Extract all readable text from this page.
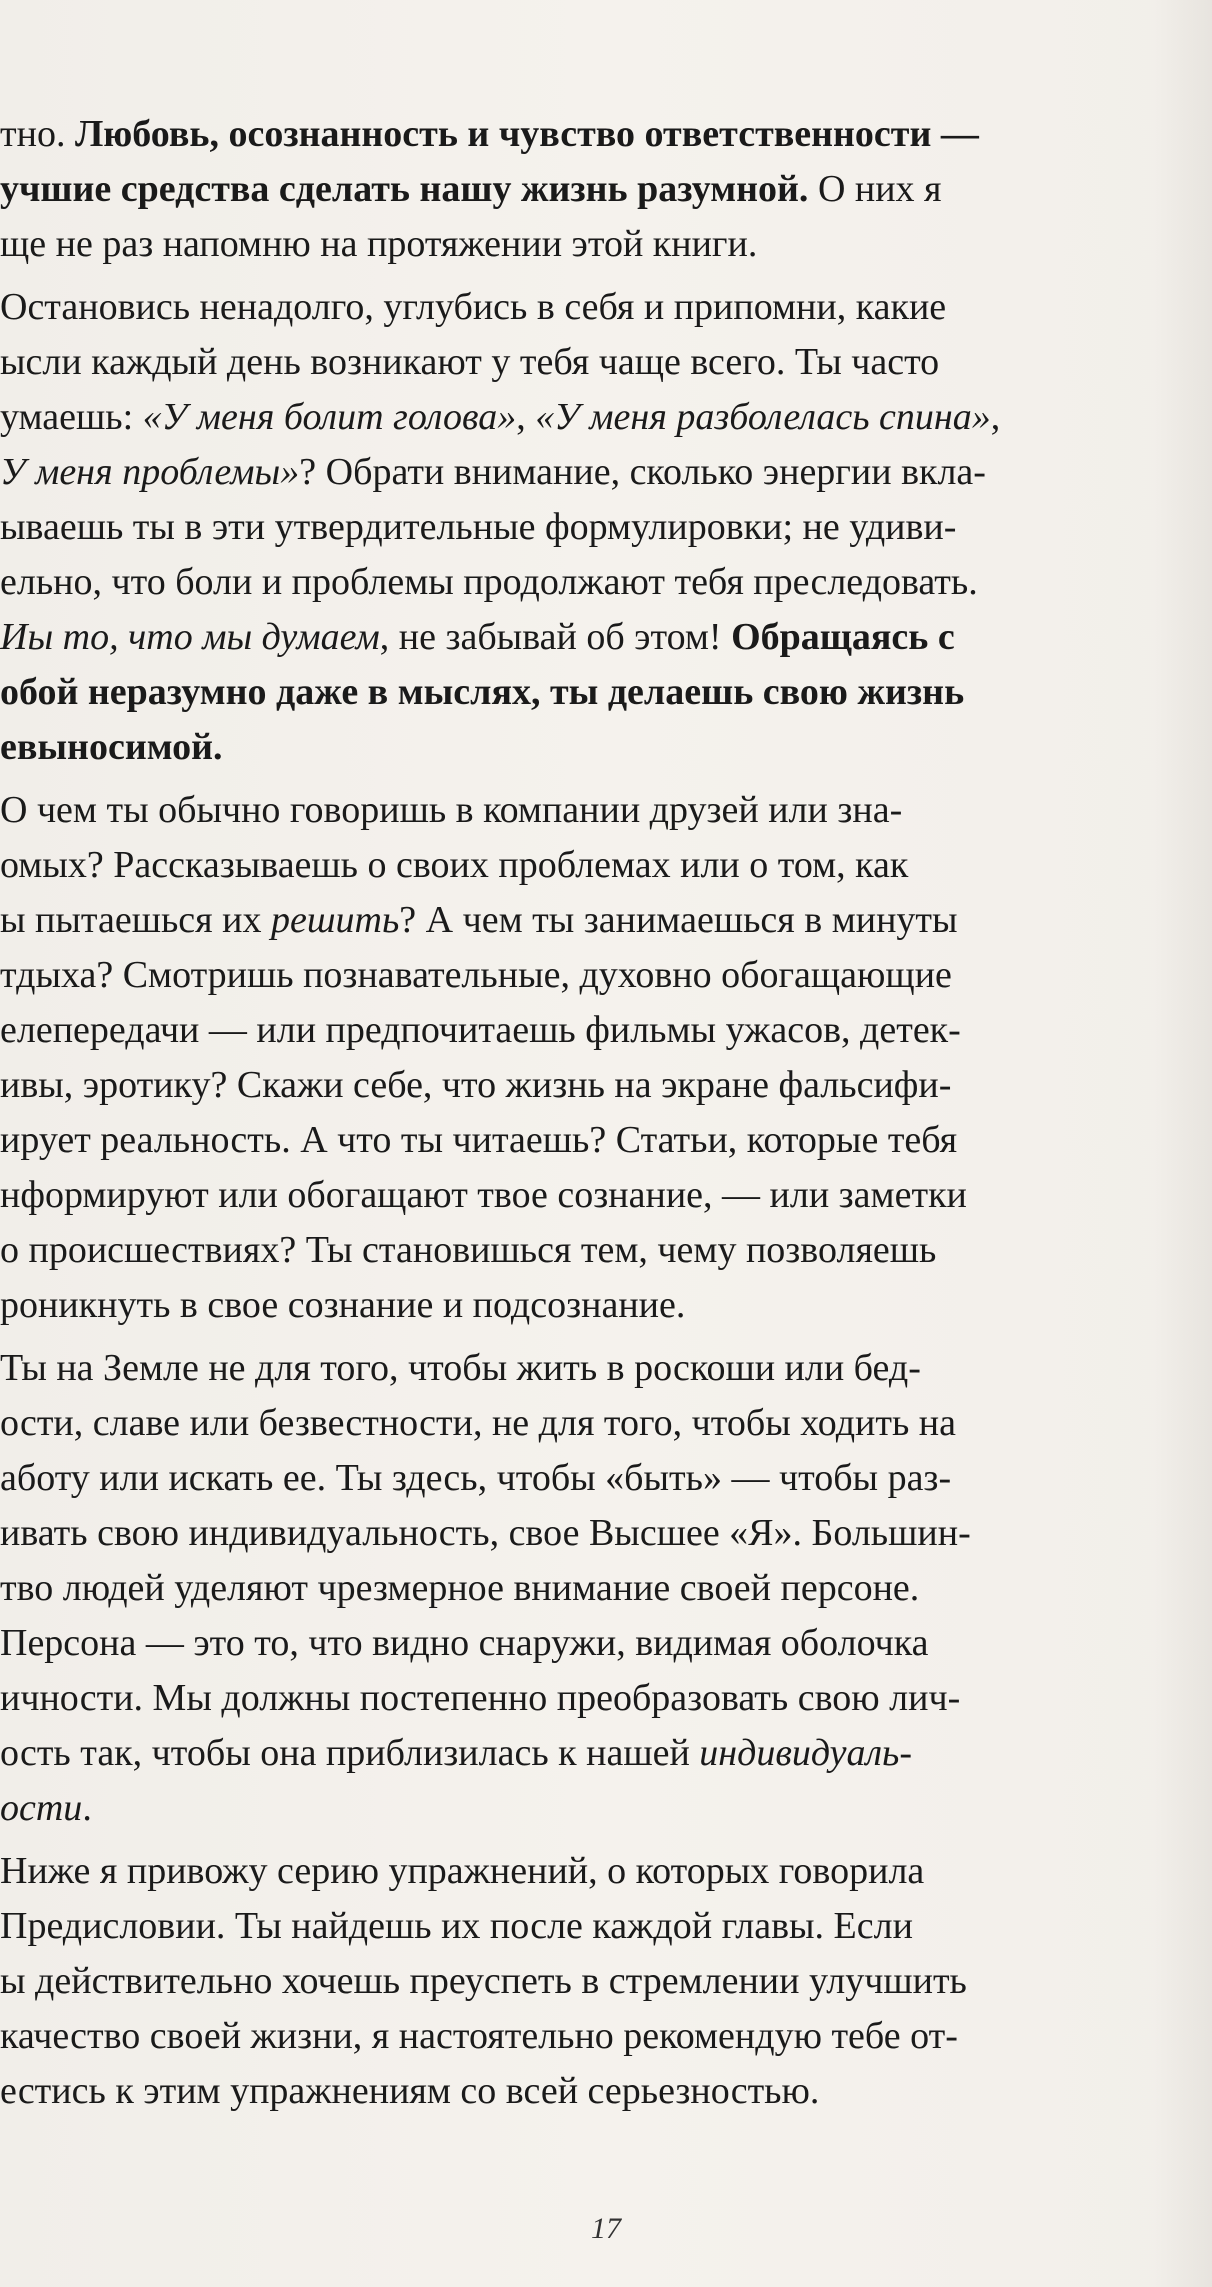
тно. Любовь, осознанность и чувство ответственности —
учшие средства сделать нашу жизнь разумной. О них я
ще не раз напомню на протяжении этой книги.
Остановись ненадолго, углубись в себя и припомни, какие
ысли каждый день возникают у тебя чаще всего. Ты часто
умаешь: «У меня болит голова», «У меня разболелась спина»,
У меня проблемы»? Обрати внимание, сколько энергии вкла-
ываешь ты в эти утвердительные формулировки; не удиви-
ельно, что боли и проблемы продолжают тебя преследовать.
Иы то, что мы думаем, не забывай об этом! Обращаясь с
обой неразумно даже в мыслях, ты делаешь свою жизнь
евыносимой.
О чем ты обычно говоришь в компании друзей или зна-
омых? Рассказываешь о своих проблемах или о том, как
ы пытаешься их решить? А чем ты занимаешься в минуты
тдыха? Смотришь познавательные, духовно обогащающие
елепередачи — или предпочитаешь фильмы ужасов, детек-
ивы, эротику? Скажи себе, что жизнь на экране фальсифи-
ирует реальность. А что ты читаешь? Статьи, которые тебя
нформируют или обогащают твое сознание, — или заметки
о происшествиях? Ты становишься тем, чему позволяешь
роникнуть в свое сознание и подсознание.
Ты на Земле не для того, чтобы жить в роскоши или бед-
ости, славе или безвестности, не для того, чтобы ходить на
аботу или искать ее. Ты здесь, чтобы «быть» — чтобы раз-
ивать свою индивидуальность, свое Высшее «Я». Большин-
тво людей уделяют чрезмерное внимание своей персоне.
Персона — это то, что видно снаружи, видимая оболочка
ичности. Мы должны постепенно преобразовать свою лич-
ость так, чтобы она приблизилась к нашей индивидуаль-
ости.
Ниже я привожу серию упражнений, о которых говорила
Предисловии. Ты найдешь их после каждой главы. Если
ы действительно хочешь преуспеть в стремлении улучшить
качество своей жизни, я настоятельно рекомендую тебе от-
естись к этим упражнениям со всей серьезностью.
17
